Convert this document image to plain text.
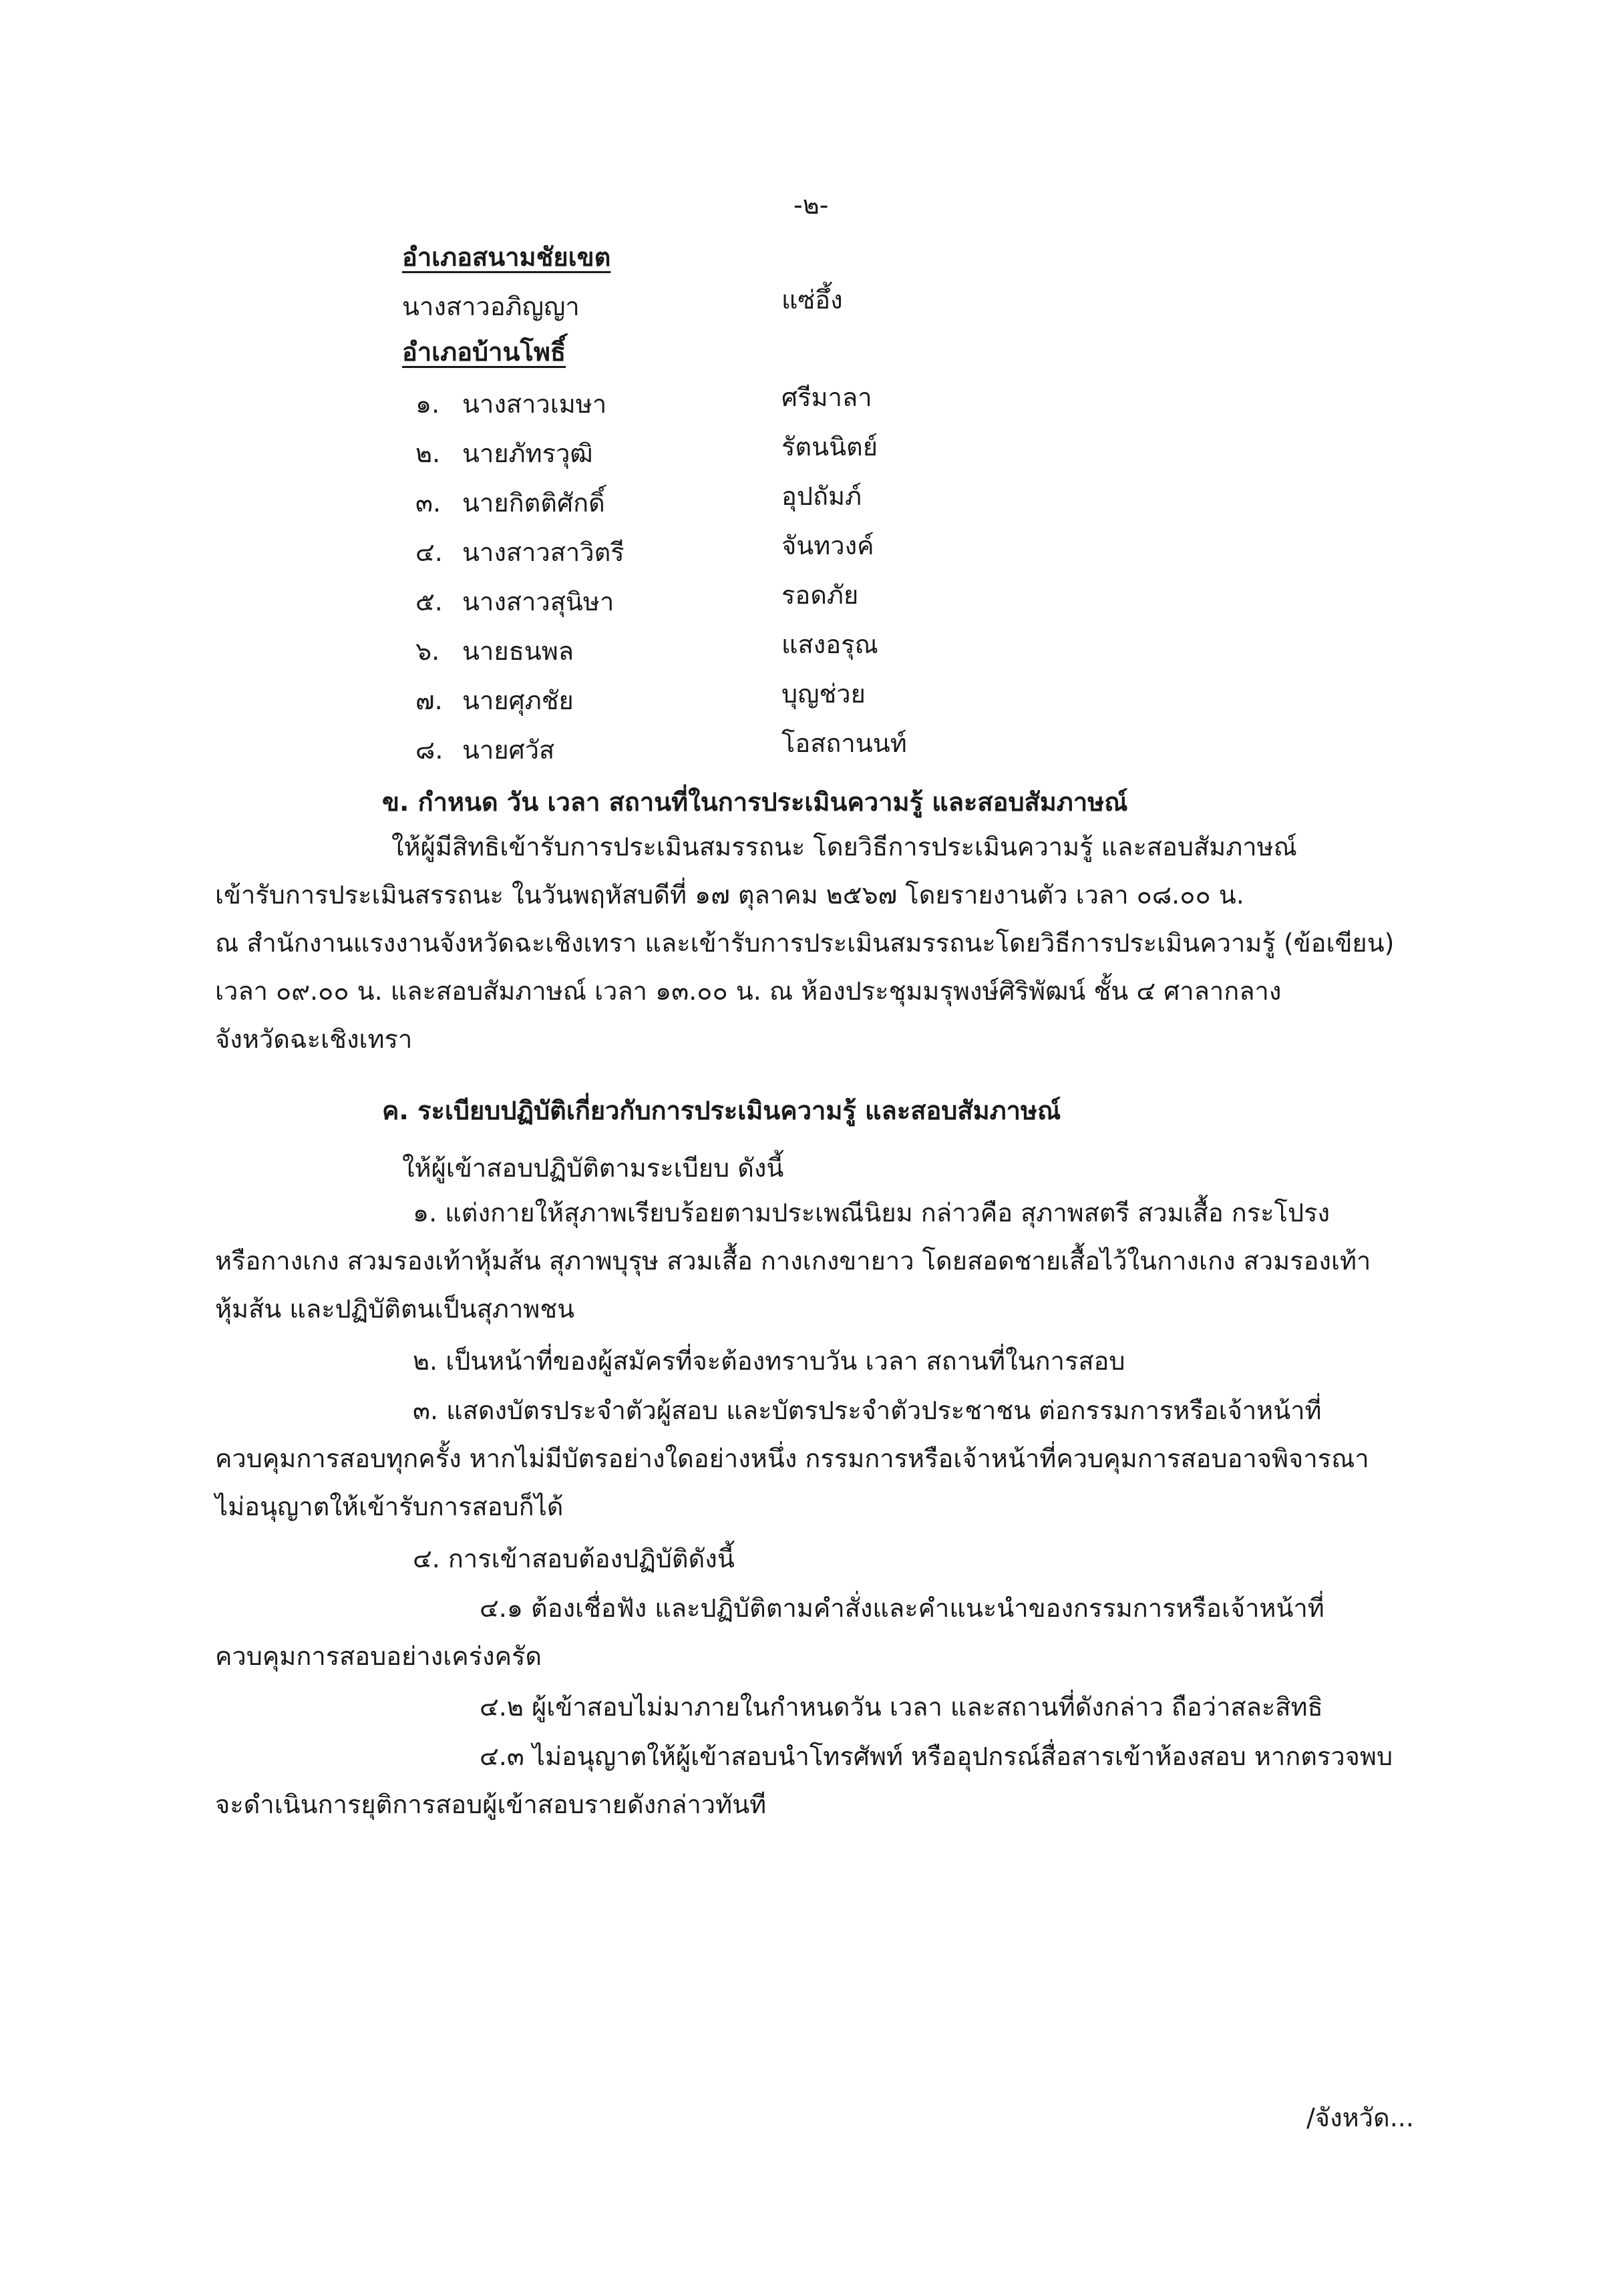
-๒-
อำเภอสนามชัยเขต
นางสาวอภิญญา	แซ่อึ้ง
อำเภอบ้านโพธิ์
๑. นางสาวเมษา	ศรีมาลา
๒. นายภัทรวุฒิ	รัตนนิตย์
๓. นายกิตติศักดิ์	อุปถัมภ์
๔. นางสาวสาวิตรี	จันทวงค์
๕. นางสาวสุนิษา	รอดภัย
๖. นายธนพล	แสงอรุณ
๗. นายศุภชัย	บุญช่วย
๘. นายศวัส	โอสถานนท์
ข. กำหนด วัน เวลา สถานที่ในการประเมินความรู้ และสอบสัมภาษณ์
ให้ผู้มีสิทธิเข้ารับการประเมินสมรรถนะ โดยวิธีการประเมินความรู้ และสอบสัมภาษณ์
เข้ารับการประเมินสรรถนะ ในวันพฤหัสบดีที่ ๑๗ ตุลาคม ๒๕๖๗ โดยรายงานตัว เวลา ๐๘.๐๐ น.
ณ สำนักงานแรงงานจังหวัดฉะเชิงเทรา และเข้ารับการประเมินสมรรถนะโดยวิธีการประเมินความรู้ (ข้อเขียน)
เวลา ๐๙.๐๐ น. และสอบสัมภาษณ์ เวลา ๑๓.๐๐ น. ณ ห้องประชุมมรุพงษ์ศิริพัฒน์ ชั้น ๔ ศาลากลาง
จังหวัดฉะเชิงเทรา
ค. ระเบียบปฏิบัติเกี่ยวกับการประเมินความรู้ และสอบสัมภาษณ์
ให้ผู้เข้าสอบปฏิบัติตามระเบียบ ดังนี้
๑. แต่งกายให้สุภาพเรียบร้อยตามประเพณีนิยม กล่าวคือ สุภาพสตรี สวมเสื้อ กระโปรง
หรือกางเกง สวมรองเท้าหุ้มส้น สุภาพบุรุษ สวมเสื้อ กางเกงขายาว โดยสอดชายเสื้อไว้ในกางเกง สวมรองเท้า
หุ้มส้น และปฏิบัติตนเป็นสุภาพชน
๒. เป็นหน้าที่ของผู้สมัครที่จะต้องทราบวัน เวลา สถานที่ในการสอบ
๓. แสดงบัตรประจำตัวผู้สอบ และบัตรประจำตัวประชาชน ต่อกรรมการหรือเจ้าหน้าที่
ควบคุมการสอบทุกครั้ง หากไม่มีบัตรอย่างใดอย่างหนึ่ง กรรมการหรือเจ้าหน้าที่ควบคุมการสอบอาจพิจารณา
ไม่อนุญาตให้เข้ารับการสอบก็ได้
๔. การเข้าสอบต้องปฏิบัติดังนี้
๔.๑ ต้องเชื่อฟัง และปฏิบัติตามคำสั่งและคำแนะนำของกรรมการหรือเจ้าหน้าที่
ควบคุมการสอบอย่างเคร่งครัด
๔.๒ ผู้เข้าสอบไม่มาภายในกำหนดวัน เวลา และสถานที่ดังกล่าว ถือว่าสละสิทธิ
๔.๓ ไม่อนุญาตให้ผู้เข้าสอบนำโทรศัพท์ หรืออุปกรณ์สื่อสารเข้าห้องสอบ หากตรวจพบ
จะดำเนินการยุติการสอบผู้เข้าสอบรายดังกล่าวทันที
/จังหวัด...
